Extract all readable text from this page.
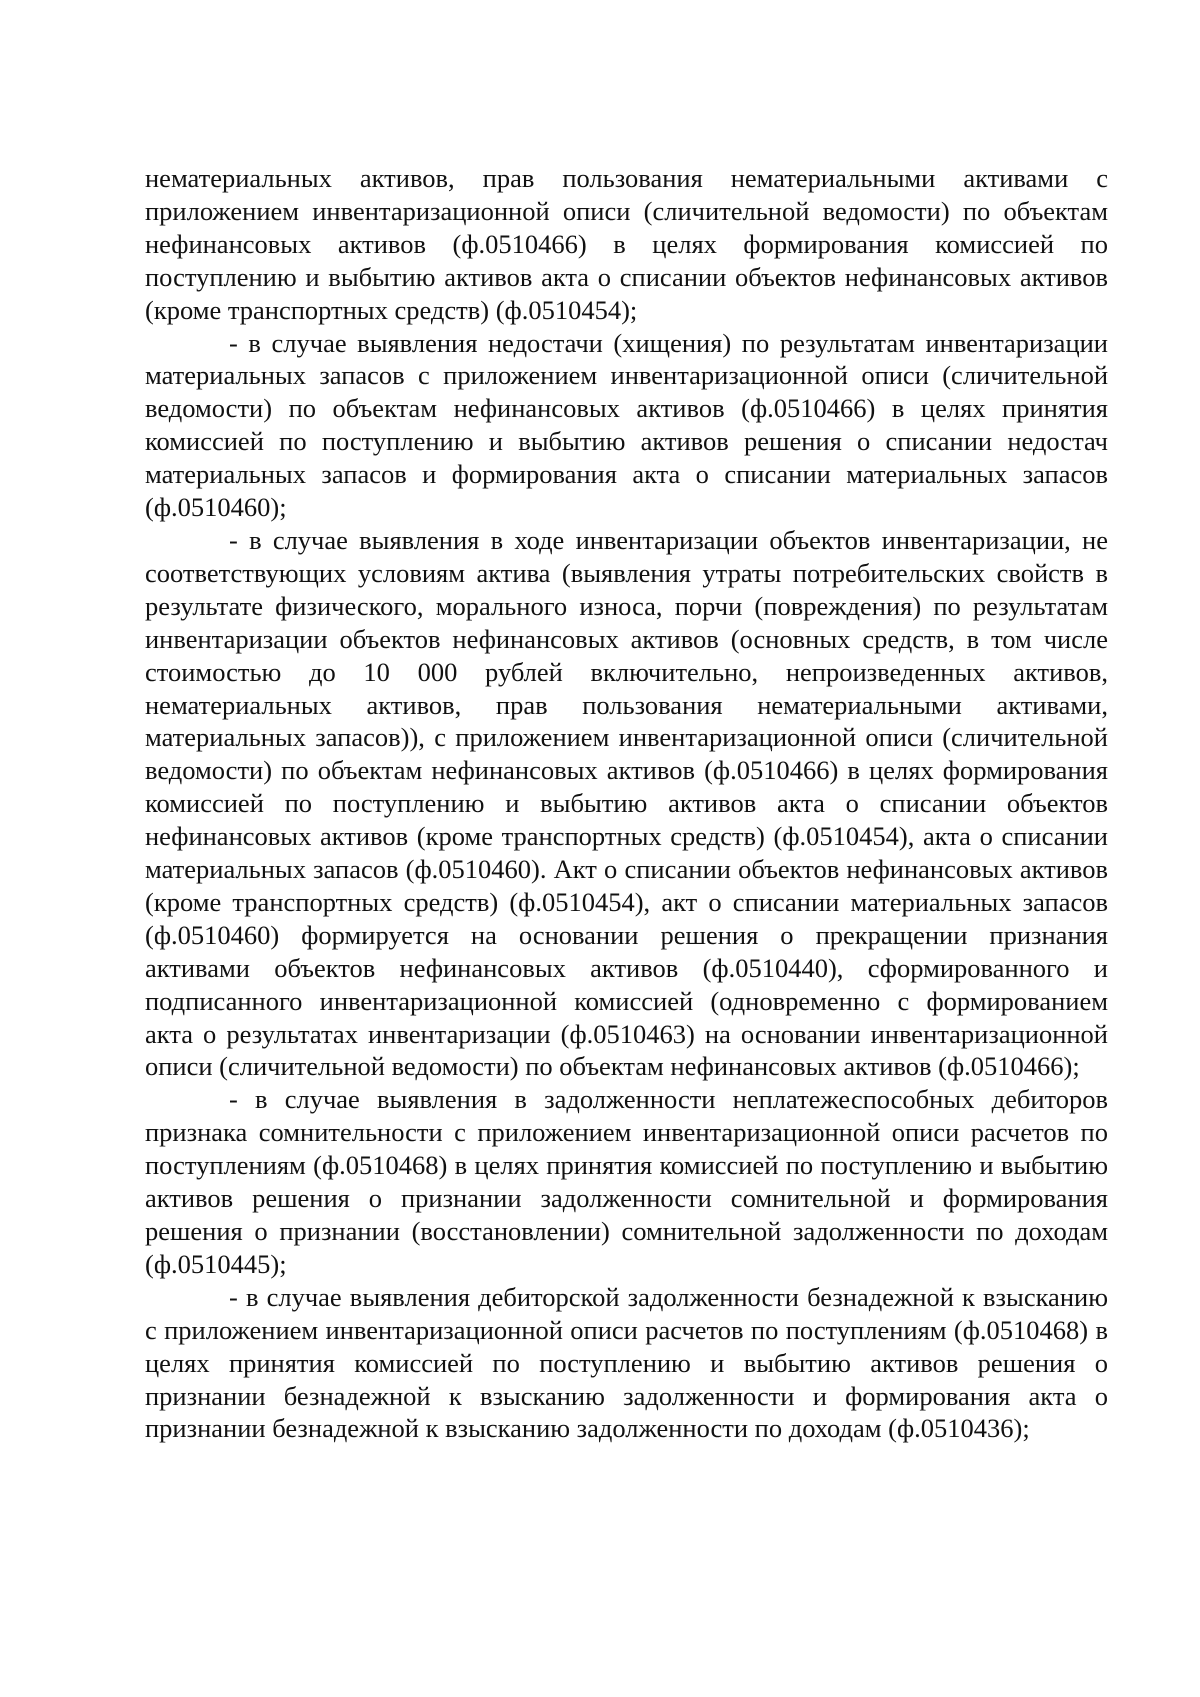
нематериальных активов, прав пользования нематериальными активами с приложением инвентаризационной описи (сличительной ведомости) по объектам нефинансовых активов (ф.0510466) в целях формирования комиссией по поступлению и выбытию активов акта о списании объектов нефинансовых активов (кроме транспортных средств) (ф.0510454);

- в случае выявления недостачи (хищения) по результатам инвентаризации материальных запасов с приложением инвентаризационной описи (сличительной ведомости) по объектам нефинансовых активов (ф.0510466) в целях принятия комиссией по поступлению и выбытию активов решения о списании недостач материальных запасов и формирования акта о списании материальных запасов (ф.0510460);

- в случае выявления в ходе инвентаризации объектов инвентаризации, не соответствующих условиям актива (выявления утраты потребительских свойств в результате физического, морального износа, порчи (повреждения) по результатам инвентаризации объектов нефинансовых активов (основных средств, в том числе стоимостью до 10 000 рублей включительно, непроизведенных активов, нематериальных активов, прав пользования нематериальными активами, материальных запасов)), с приложением инвентаризационной описи (сличительной ведомости) по объектам нефинансовых активов (ф.0510466) в целях формирования комиссией по поступлению и выбытию активов акта о списании объектов нефинансовых активов (кроме транспортных средств) (ф.0510454), акта о списании материальных запасов (ф.0510460). Акт о списании объектов нефинансовых активов (кроме транспортных средств) (ф.0510454), акт о списании материальных запасов (ф.0510460) формируется на основании решения о прекращении признания активами объектов нефинансовых активов (ф.0510440), сформированного и подписанного инвентаризационной комиссией (одновременно с формированием акта о результатах инвентаризации (ф.0510463) на основании инвентаризационной описи (сличительной ведомости) по объектам нефинансовых активов (ф.0510466);

- в случае выявления в задолженности неплатежеспособных дебиторов признака сомнительности с приложением инвентаризационной описи расчетов по поступлениям (ф.0510468) в целях принятия комиссией по поступлению и выбытию активов решения о признании задолженности сомнительной и формирования решения о признании (восстановлении) сомнительной задолженности по доходам (ф.0510445);

- в случае выявления дебиторской задолженности безнадежной к взысканию с приложением инвентаризационной описи расчетов по поступлениям (ф.0510468) в целях принятия комиссией по поступлению и выбытию активов решения о признании безнадежной к взысканию задолженности и формирования акта о признании безнадежной к взысканию задолженности по доходам (ф.0510436);
